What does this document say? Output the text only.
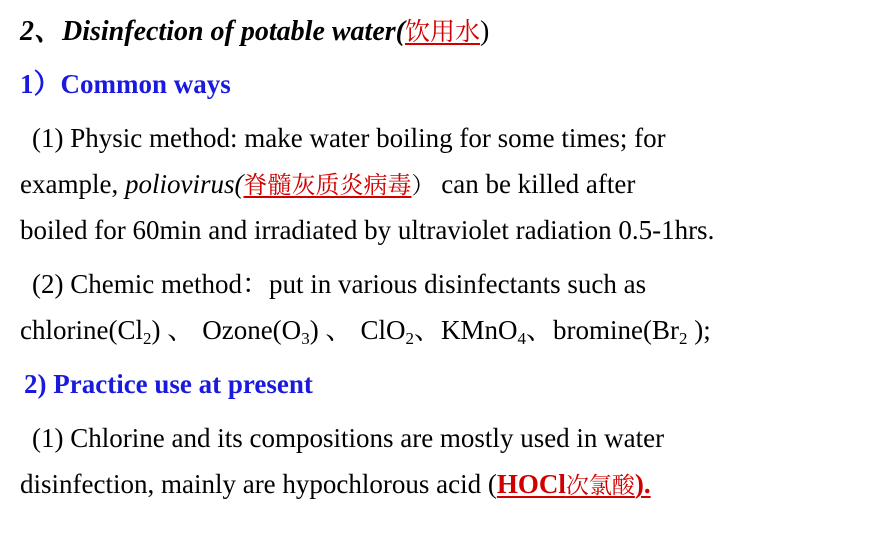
2、Disinfection of potable water(饮用水)
1）Common ways
(1) Physic method: make water boiling for some times; for
example, poliovirus(脊髓灰质炎病毒） can be killed after
boiled for 60min and irradiated by ultraviolet radiation 0.5-1hrs.
(2) Chemic method：put in various disinfectants such as
$chlorine(Cl_2)$ 、 $Ozone(O_3)$ 、 ClO$_2$、KMnO$_4$、$bromine(Br_2$ );
2) Practice use at present
(1) Chlorine and its compositions are mostly used in water
disinfection, mainly are hypochlorous acid (HOCl次氯酸).
